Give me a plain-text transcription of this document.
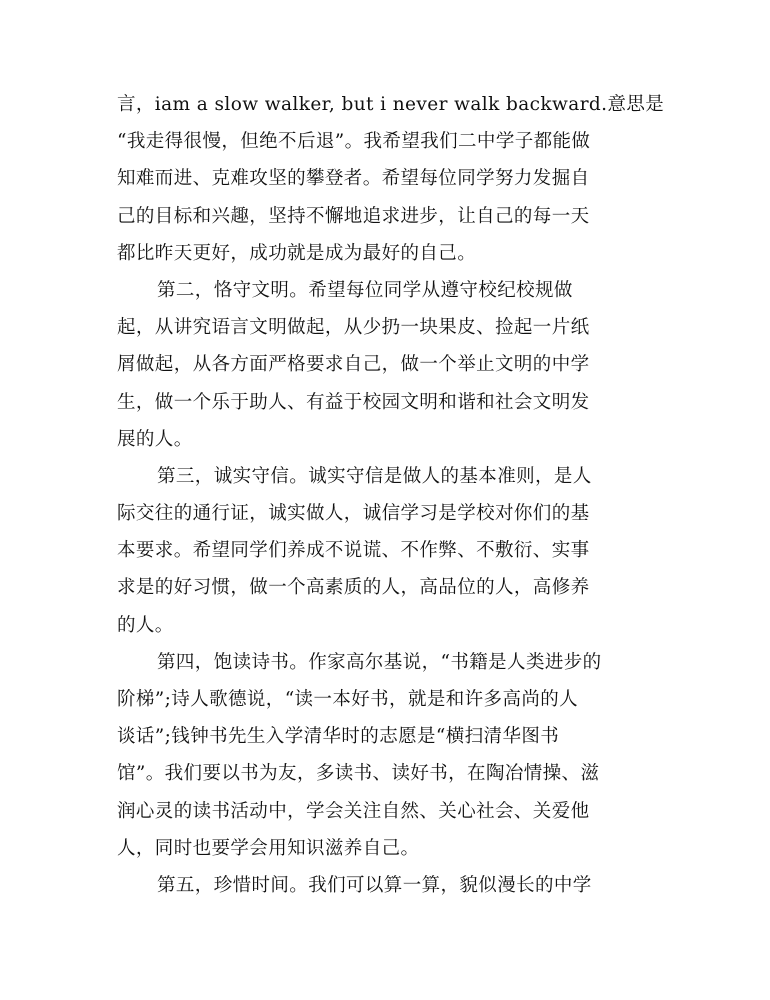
言，iam a slow walker, but i never walk backward.意思是
“我走得很慢，但绝不后退”。我希望我们二中学子都能做
知难而进、克难攻坚的攀登者。希望每位同学努力发掘自
己的目标和兴趣，坚持不懈地追求进步，让自己的每一天
都比昨天更好，成功就是成为最好的自己。
第二，恪守文明。希望每位同学从遵守校纪校规做
起，从讲究语言文明做起，从少扔一块果皮、捡起一片纸
屑做起，从各方面严格要求自己，做一个举止文明的中学
生，做一个乐于助人、有益于校园文明和谐和社会文明发
展的人。
第三，诚实守信。诚实守信是做人的基本准则，是人
际交往的通行证，诚实做人，诚信学习是学校对你们的基
本要求。希望同学们养成不说谎、不作弊、不敷衍、实事
求是的好习惯，做一个高素质的人，高品位的人，高修养
的人。
第四，饱读诗书。作家高尔基说，“书籍是人类进步的
阶梯”;诗人歌德说，“读一本好书，就是和许多高尚的人
谈话”;钱钟书先生入学清华时的志愿是“横扫清华图书
馆”。我们要以书为友，多读书、读好书，在陶冶情操、滋
润心灵的读书活动中，学会关注自然、关心社会、关爱他
人，同时也要学会用知识滋养自己。
第五，珍惜时间。我们可以算一算，貌似漫长的中学
